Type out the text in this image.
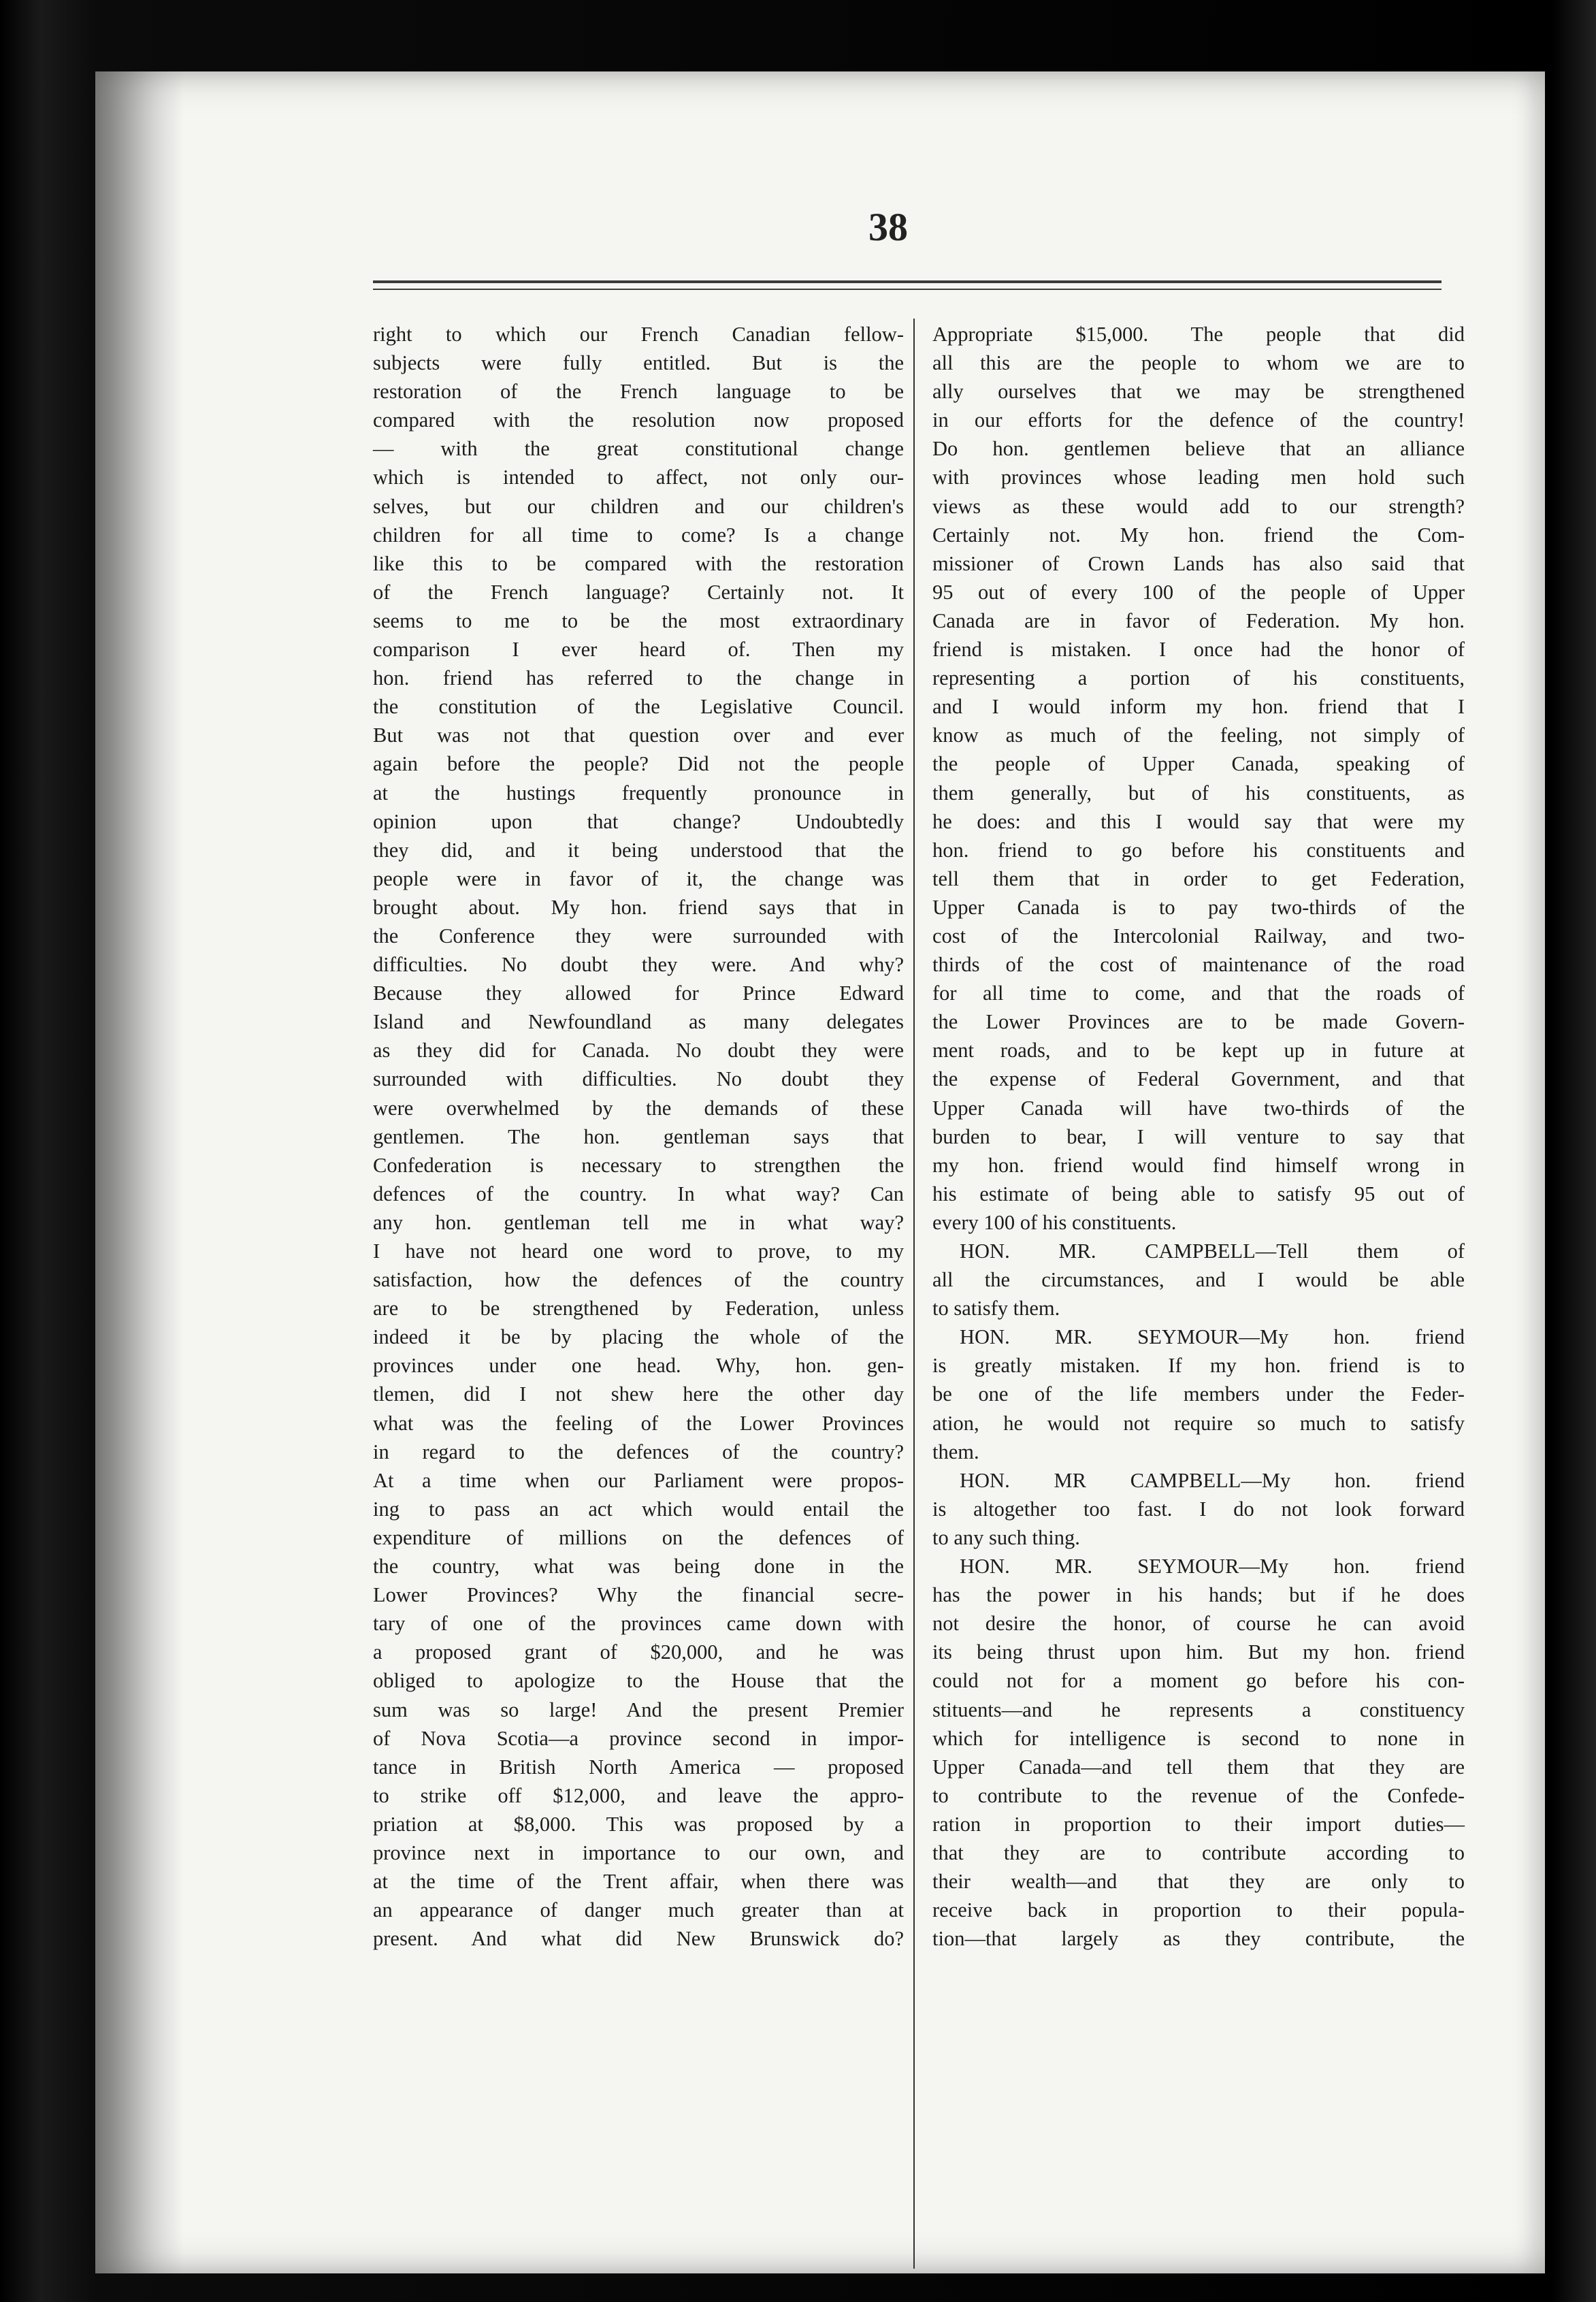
38

right to which our French Canadian fellow-
subjects were fully entitled. But is the
restoration of the French language to be
compared with the resolution now proposed
— with the great constitutional change
which is intended to affect, not only our-
selves, but our children and our children's
children for all time to come? Is a change
like this to be compared with the restoration
of the French language? Certainly not. It
seems to me to be the most extraordinary
comparison I ever heard of. Then my
hon. friend has referred to the change in
the constitution of the Legislative Council.
But was not that question over and ever
again before the people? Did not the people
at the hustings frequently pronounce in
opinion upon that change? Undoubtedly
they did, and it being understood that the
people were in favor of it, the change was
brought about. My hon. friend says that in
the Conference they were surrounded with
difficulties. No doubt they were. And why?
Because they allowed for Prince Edward
Island and Newfoundland as many delegates
as they did for Canada. No doubt they were
surrounded with difficulties. No doubt they
were overwhelmed by the demands of these
gentlemen. The hon. gentleman says that
Confederation is necessary to strengthen the
defences of the country. In what way? Can
any hon. gentleman tell me in what way?
I have not heard one word to prove, to my
satisfaction, how the defences of the country
are to be strengthened by Federation, unless
indeed it be by placing the whole of the
provinces under one head. Why, hon. gen-
tlemen, did I not shew here the other day
what was the feeling of the Lower Provinces
in regard to the defences of the country?
At a time when our Parliament were propos-
ing to pass an act which would entail the
expenditure of millions on the defences of
the country, what was being done in the
Lower Provinces? Why the financial secre-
tary of one of the provinces came down with
a proposed grant of $20,000, and he was
obliged to apologize to the House that the
sum was so large! And the present Premier
of Nova Scotia—a province second in impor-
tance in British North America — proposed
to strike off $12,000, and leave the appro-
priation at $8,000. This was proposed by a
province next in importance to our own, and
at the time of the Trent affair, when there was
an appearance of danger much greater than at
present. And what did New Brunswick do?

Appropriate $15,000. The people that did
all this are the people to whom we are to
ally ourselves that we may be strengthened
in our efforts for the defence of the country!
Do hon. gentlemen believe that an alliance
with provinces whose leading men hold such
views as these would add to our strength?
Certainly not. My hon. friend the Com-
missioner of Crown Lands has also said that
95 out of every 100 of the people of Upper
Canada are in favor of Federation. My hon.
friend is mistaken. I once had the honor of
representing a portion of his constituents,
and I would inform my hon. friend that I
know as much of the feeling, not simply of
the people of Upper Canada, speaking of
them generally, but of his constituents, as
he does: and this I would say that were my
hon. friend to go before his constituents and
tell them that in order to get Federation,
Upper Canada is to pay two-thirds of the
cost of the Intercolonial Railway, and two-
thirds of the cost of maintenance of the road
for all time to come, and that the roads of
the Lower Provinces are to be made Govern-
ment roads, and to be kept up in future at
the expense of Federal Government, and that
Upper Canada will have two-thirds of the
burden to bear, I will venture to say that
my hon. friend would find himself wrong in
his estimate of being able to satisfy 95 out of
every 100 of his constituents.
HON. MR. CAMPBELL—Tell them of
all the circumstances, and I would be able
to satisfy them.
HON. MR. SEYMOUR—My hon. friend
is greatly mistaken. If my hon. friend is to
be one of the life members under the Feder-
ation, he would not require so much to satisfy
them.
HON. MR CAMPBELL—My hon. friend
is altogether too fast. I do not look forward
to any such thing.
HON. MR. SEYMOUR—My hon. friend
has the power in his hands; but if he does
not desire the honor, of course he can avoid
its being thrust upon him. But my hon. friend
could not for a moment go before his con-
stituents—and he represents a constituency
which for intelligence is second to none in
Upper Canada—and tell them that they are
to contribute to the revenue of the Confede-
ration in proportion to their import duties—
that they are to contribute according to
their wealth—and that they are only to
receive back in proportion to their popula-
tion—that largely as they contribute, the
